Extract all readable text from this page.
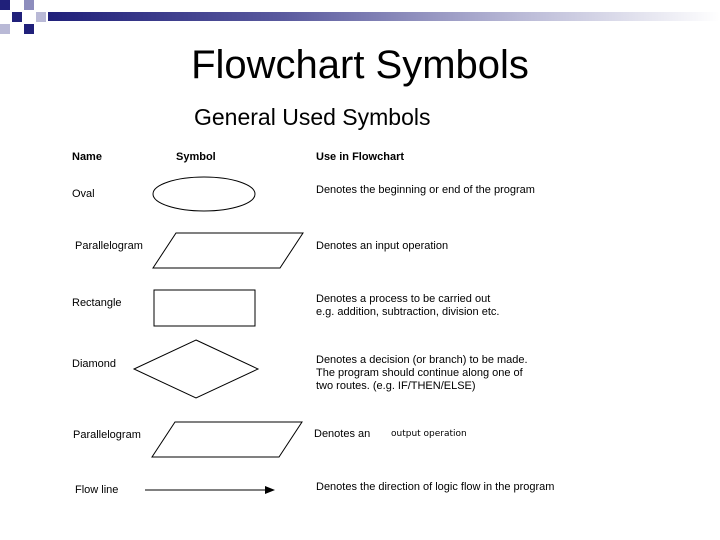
Flowchart Symbols
General Used Symbols
Name	Symbol	Use in Flowchart
Oval
Parallelogram
Rectangle
Diamond
Parallelogram
Flow line
Denotes the beginning or end of the program
Denotes an input operation
Denotes a process to be carried out
e.g. addition, subtraction, division etc.
Denotes a decision (or branch) to be made.
The program should continue along one of
two routes. (e.g. IF/THEN/ELSE)
Denotes an output operation
Denotes the direction of logic flow in the program
